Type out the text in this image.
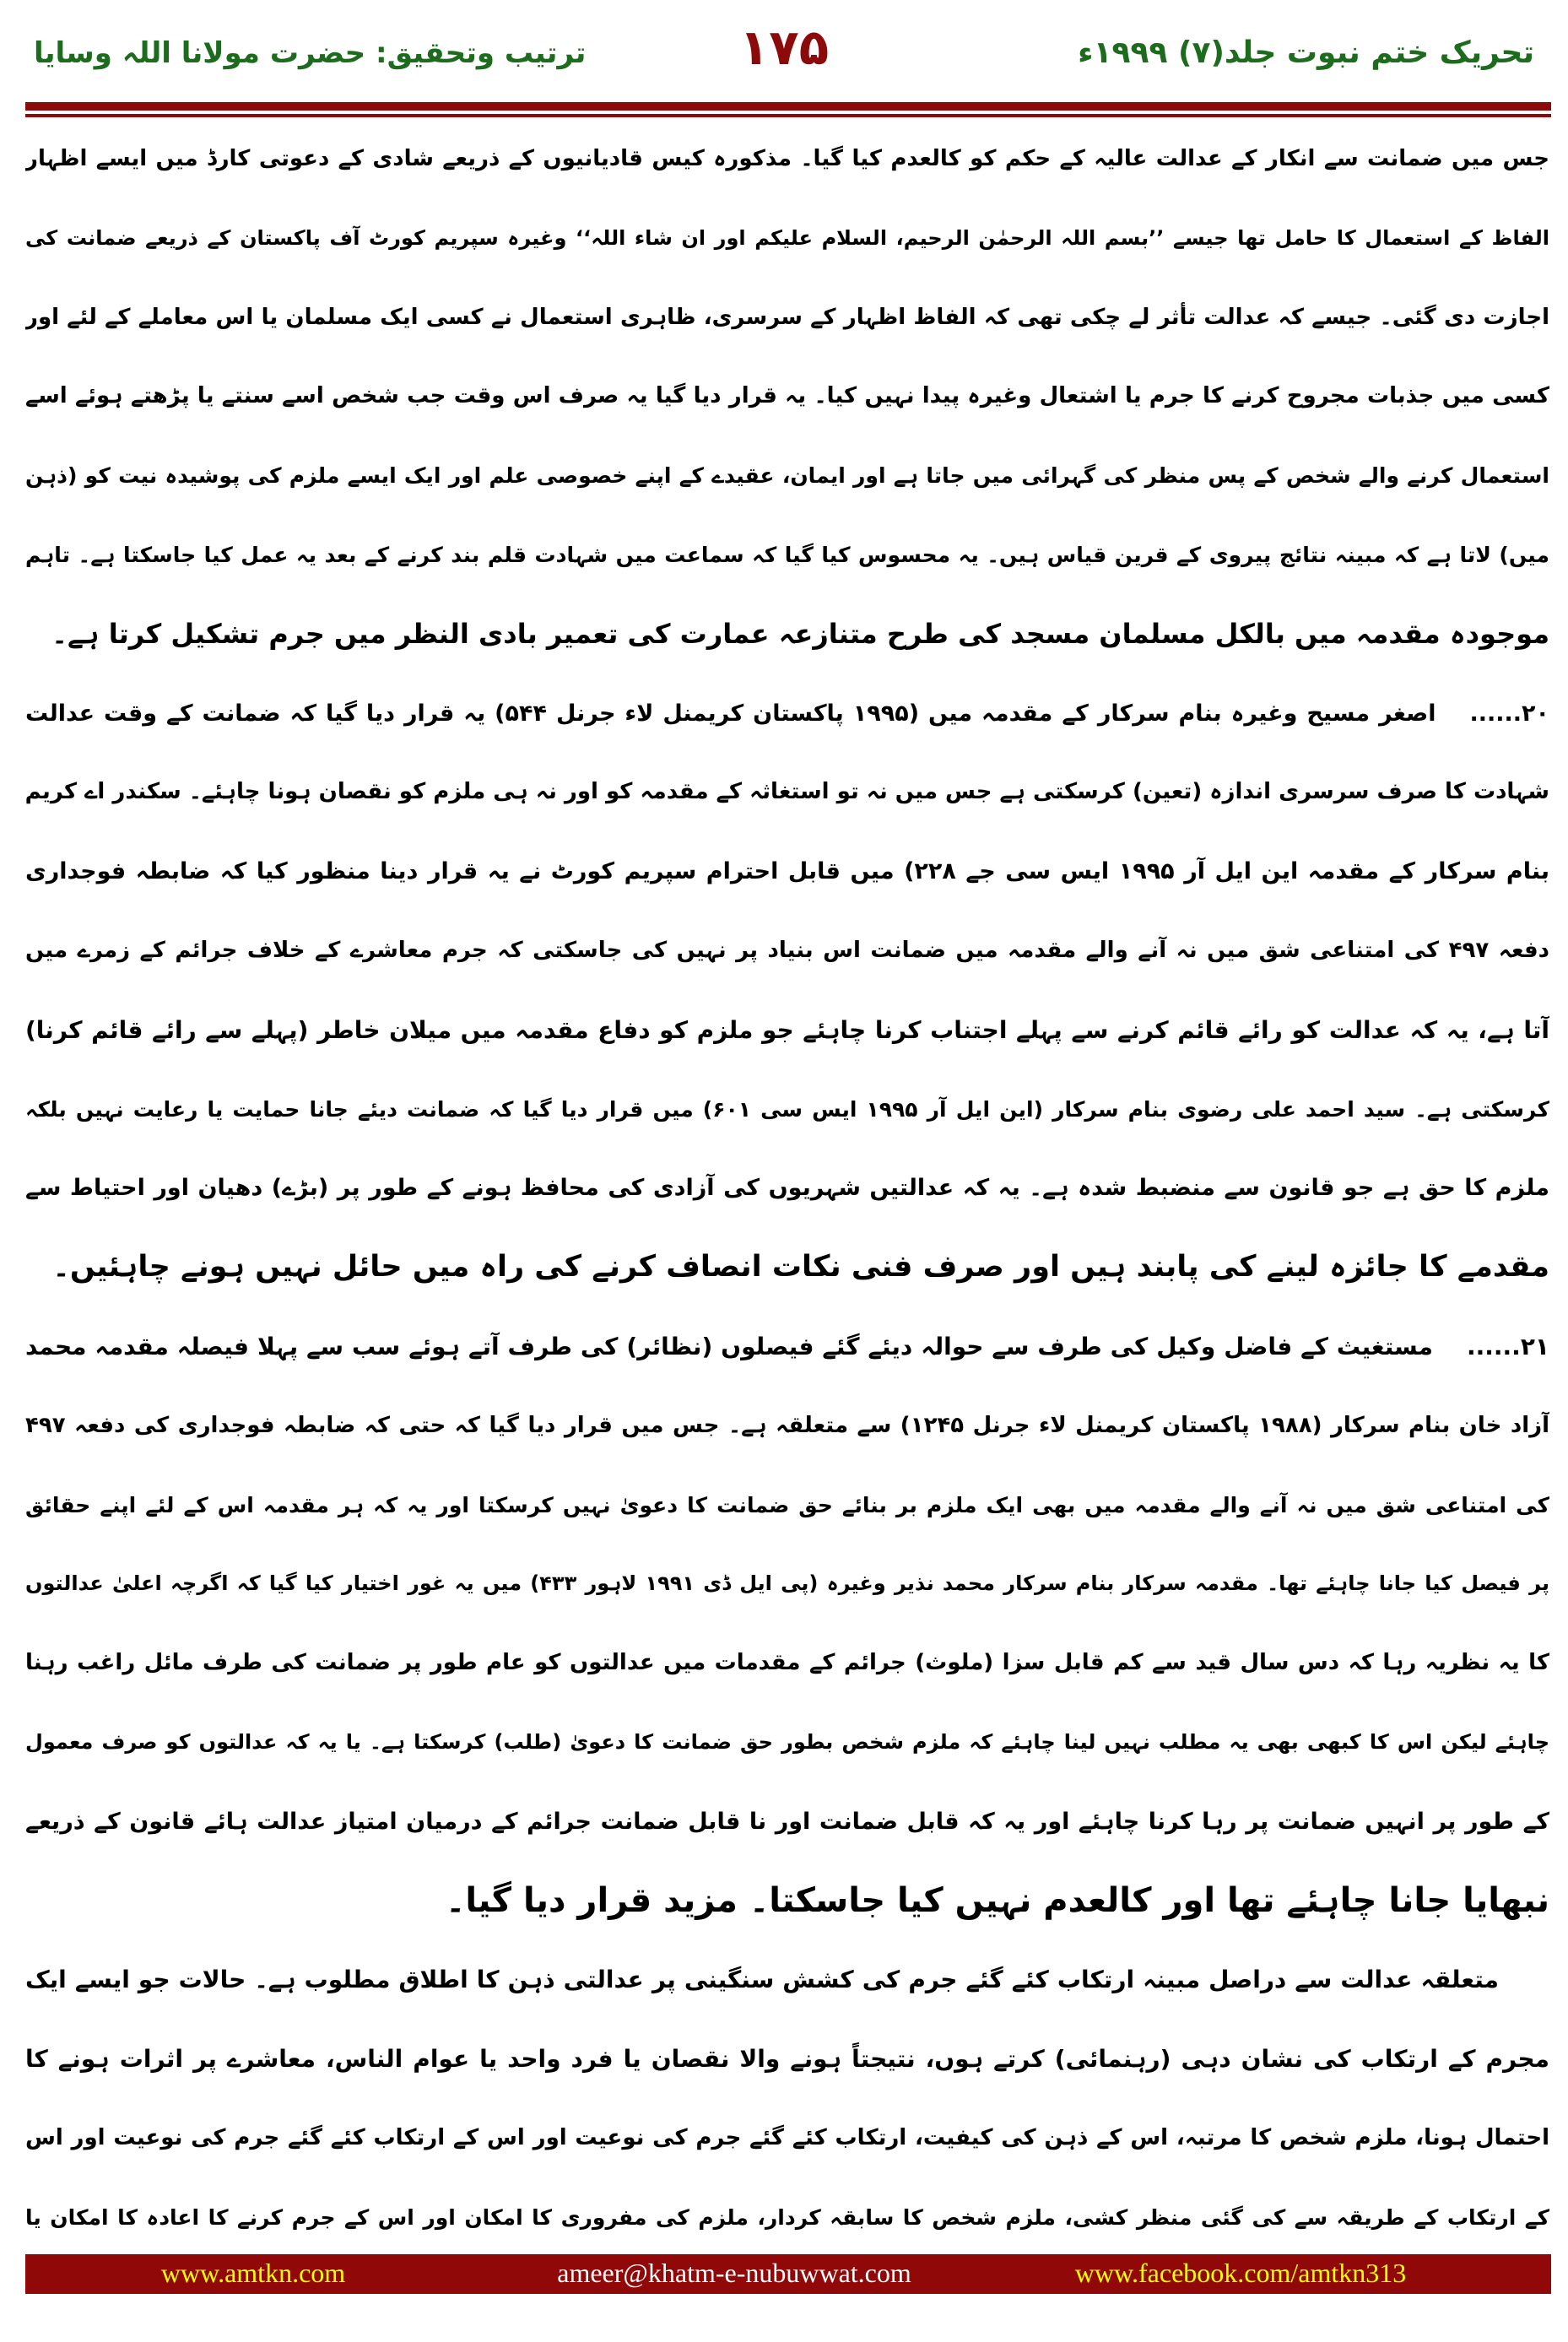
تحریک ختم نبوت جلد(۷) ۱۹۹۹ء
۱۷۵
ترتیب وتحقیق: حضرت مولانا اللہ وسایا
جس میں ضمانت سے انکار کے عدالت عالیہ کے حکم کو کالعدم کیا گیا۔ مذکورہ کیس قادیانیوں کے ذریعے شادی کے دعوتی کارڈ میں ایسے اظہار
الفاظ کے استعمال کا حامل تھا جیسے ’’بسم اللہ الرحمٰن الرحیم، السلام علیکم اور ان شاء اللہ‘‘ وغیرہ سپریم کورٹ آف پاکستان کے ذریعے ضمانت کی
اجازت دی گئی۔ جیسے کہ عدالت تأثر لے چکی تھی کہ الفاظ اظہار کے سرسری، ظاہری استعمال نے کسی ایک مسلمان یا اس معاملے کے لئے اور
کسی میں جذبات مجروح کرنے کا جرم یا اشتعال وغیرہ پیدا نہیں کیا۔ یہ قرار دیا گیا یہ صرف اس وقت جب شخص اسے سنتے یا پڑھتے ہوئے اسے
استعمال کرنے والے شخص کے پس منظر کی گہرائی میں جاتا ہے اور ایمان، عقیدے کے اپنے خصوصی علم اور ایک ایسے ملزم کی پوشیدہ نیت کو (ذہن
میں) لاتا ہے کہ مبینہ نتائج پیروی کے قرین قیاس ہیں۔ یہ محسوس کیا گیا کہ سماعت میں شہادت قلم بند کرنے کے بعد یہ عمل کیا جاسکتا ہے۔ تاہم
موجودہ مقدمہ میں بالکل مسلمان مسجد کی طرح متنازعہ عمارت کی تعمیر بادی النظر میں جرم تشکیل کرتا ہے۔
۲۰......اصغر مسیح وغیرہ بنام سرکار کے مقدمہ میں (۱۹۹۵ پاکستان کریمنل لاء جرنل ۵۴۴) یہ قرار دیا گیا کہ ضمانت کے وقت عدالت
شہادت کا صرف سرسری اندازہ (تعین) کرسکتی ہے جس میں نہ تو استغاثہ کے مقدمہ کو اور نہ ہی ملزم کو نقصان ہونا چاہئے۔ سکندر اے کریم
بنام سرکار کے مقدمہ این ایل آر ۱۹۹۵ ایس سی جے ۲۲۸) میں قابل احترام سپریم کورٹ نے یہ قرار دینا منظور کیا کہ ضابطہ فوجداری
دفعہ ۴۹۷ کی امتناعی شق میں نہ آنے والے مقدمہ میں ضمانت اس بنیاد پر نہیں کی جاسکتی کہ جرم معاشرے کے خلاف جرائم کے زمرے میں
آتا ہے، یہ کہ عدالت کو رائے قائم کرنے سے پہلے اجتناب کرنا چاہئے جو ملزم کو دفاع مقدمہ میں میلان خاطر (پہلے سے رائے قائم کرنا)
کرسکتی ہے۔ سید احمد علی رضوی بنام سرکار (این ایل آر ۱۹۹۵ ایس سی ۶۰۱) میں قرار دیا گیا کہ ضمانت دیئے جانا حمایت یا رعایت نہیں بلکہ
ملزم کا حق ہے جو قانون سے منضبط شدہ ہے۔ یہ کہ عدالتیں شہریوں کی آزادی کی محافظ ہونے کے طور پر (بڑے) دھیان اور احتیاط سے
مقدمے کا جائزہ لینے کی پابند ہیں اور صرف فنی نکات انصاف کرنے کی راہ میں حائل نہیں ہونے چاہئیں۔
۲۱......مستغیث کے فاضل وکیل کی طرف سے حوالہ دیئے گئے فیصلوں (نظائر) کی طرف آتے ہوئے سب سے پہلا فیصلہ مقدمہ محمد
آزاد خان بنام سرکار (۱۹۸۸ پاکستان کریمنل لاء جرنل ۱۲۴۵) سے متعلقہ ہے۔ جس میں قرار دیا گیا کہ حتی کہ ضابطہ فوجداری کی دفعہ ۴۹۷
کی امتناعی شق میں نہ آنے والے مقدمہ میں بھی ایک ملزم بر بنائے حق ضمانت کا دعویٰ نہیں کرسکتا اور یہ کہ ہر مقدمہ اس کے لئے اپنے حقائق
پر فیصل کیا جانا چاہئے تھا۔ مقدمہ سرکار بنام سرکار محمد نذیر وغیرہ (پی ایل ڈی ۱۹۹۱ لاہور ۴۳۳) میں یہ غور اختیار کیا گیا کہ اگرچہ اعلیٰ عدالتوں
کا یہ نظریہ رہا کہ دس سال قید سے کم قابل سزا (ملوث) جرائم کے مقدمات میں عدالتوں کو عام طور پر ضمانت کی طرف مائل راغب رہنا
چاہئے لیکن اس کا کبھی بھی یہ مطلب نہیں لینا چاہئے کہ ملزم شخص بطور حق ضمانت کا دعویٰ (طلب) کرسکتا ہے۔ یا یہ کہ عدالتوں کو صرف معمول
کے طور پر انہیں ضمانت پر رہا کرنا چاہئے اور یہ کہ قابل ضمانت اور نا قابل ضمانت جرائم کے درمیان امتیاز عدالت ہائے قانون کے ذریعے
نبھایا جانا چاہئے تھا اور کالعدم نہیں کیا جاسکتا۔ مزید قرار دیا گیا۔
متعلقہ عدالت سے دراصل مبینہ ارتکاب کئے گئے جرم کی کشش سنگینی پر عدالتی ذہن کا اطلاق مطلوب ہے۔ حالات جو ایسے ایک
مجرم کے ارتکاب کی نشان دہی (رہنمائی) کرتے ہوں، نتیجتاً ہونے والا نقصان یا فرد واحد یا عوام الناس، معاشرے پر اثرات ہونے کا
احتمال ہونا، ملزم شخص کا مرتبہ، اس کے ذہن کی کیفیت، ارتکاب کئے گئے جرم کی نوعیت اور اس کے ارتکاب کئے گئے جرم کی نوعیت اور اس
کے ارتکاب کے طریقہ سے کی گئی منظر کشی، ملزم شخص کا سابقہ کردار، ملزم کی مفروری کا امکان اور اس کے جرم کرنے کا اعادہ کا امکان یا
www.amtkn.com	ameer@khatm-e-nubuwwat.com	www.facebook.com/amtkn313
